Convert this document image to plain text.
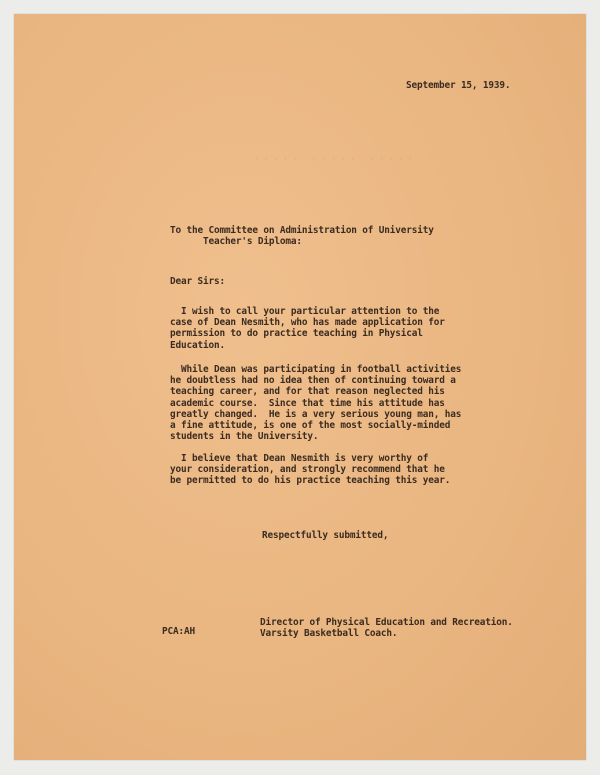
- - - - -   - - - - -   - - - - -

September 15, 1939.

To the Committee on Administration of University
Teacher's Diploma:

Dear Sirs:

I wish to call your particular attention to the
case of Dean Nesmith, who has made application for
permission to do practice teaching in Physical
Education.

While Dean was participating in football activities
he doubtless had no idea then of continuing toward a
teaching career, and for that reason neglected his
academic course.  Since that time his attitude has
greatly changed.  He is a very serious young man, has
a fine attitude, is one of the most socially-minded
students in the University.

I believe that Dean Nesmith is very worthy of
your consideration, and strongly recommend that he
be permitted to do his practice teaching this year.

Respectfully submitted,

PCA:AH

Director of Physical Education and Recreation.
Varsity Basketball Coach.
